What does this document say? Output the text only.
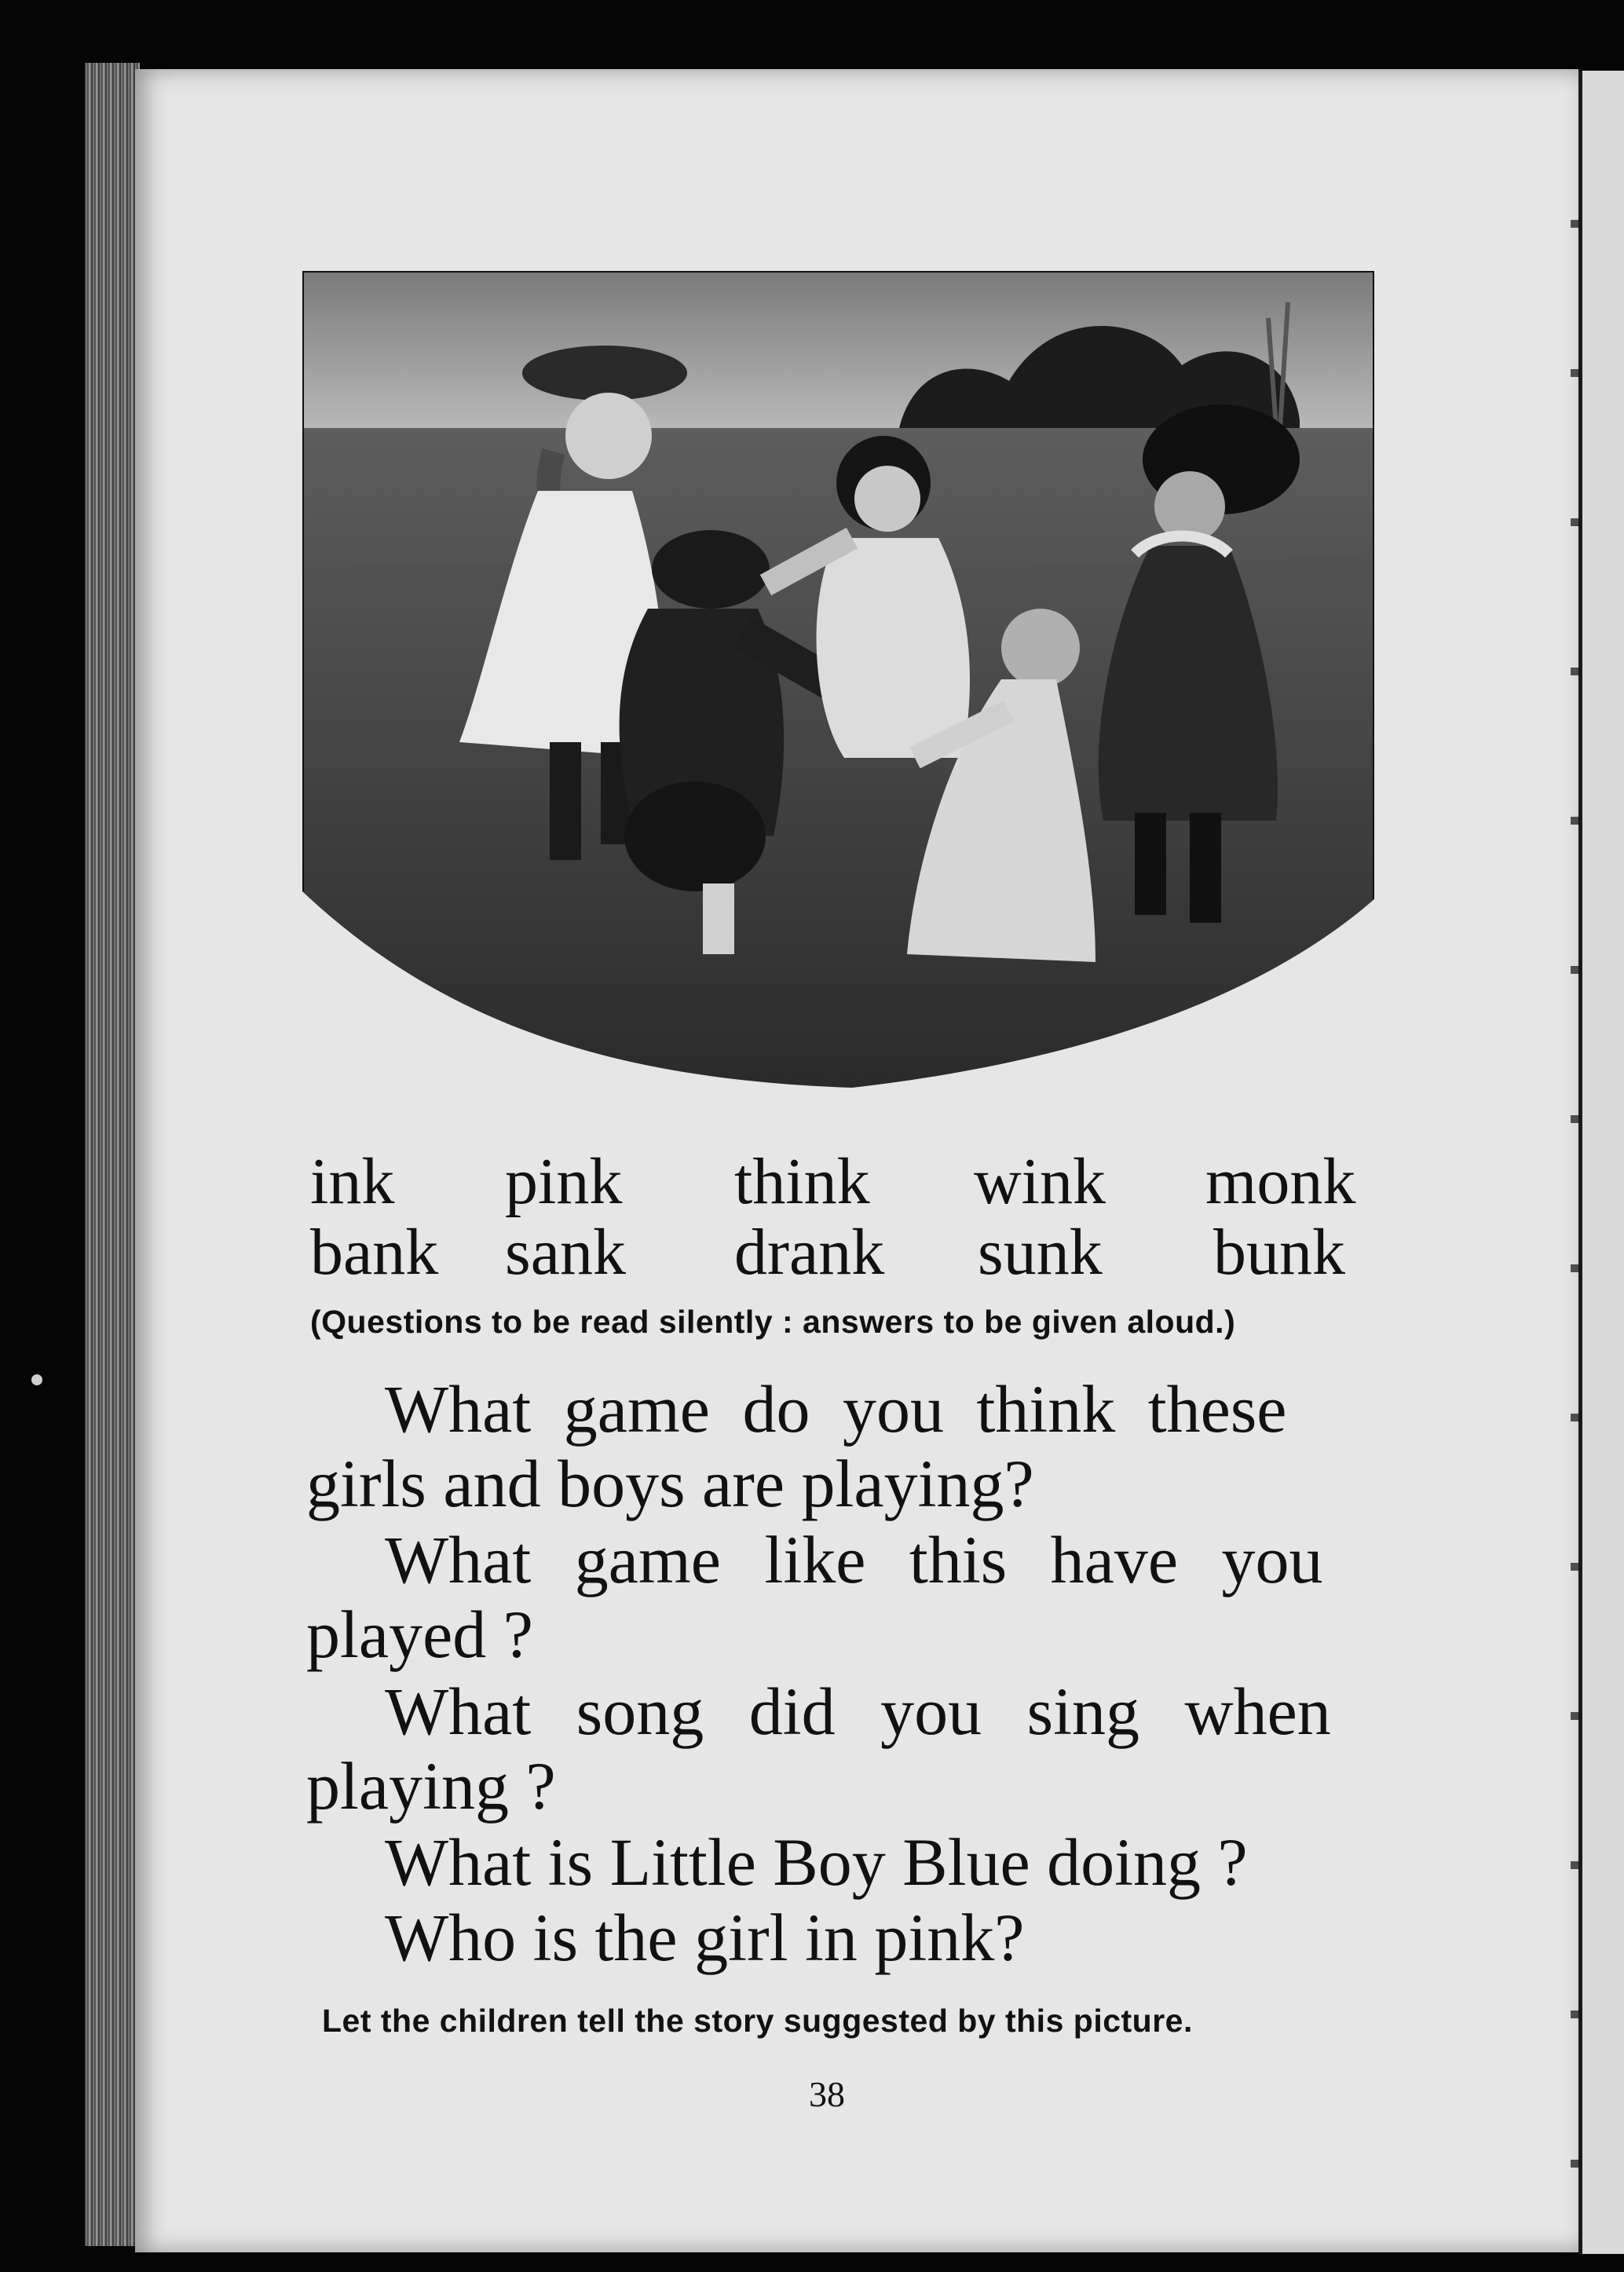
ink pink think wink monk
bank sank drank sunk bunk
(Questions to be read silently : answers to be given aloud.)
What game do you think these
girls and boys are playing?
What game like this have you
played ?
What song did you sing when
playing ?
What is Little Boy Blue doing ?
Who is the girl in pink?
Let the children tell the story suggested by this picture.
38
